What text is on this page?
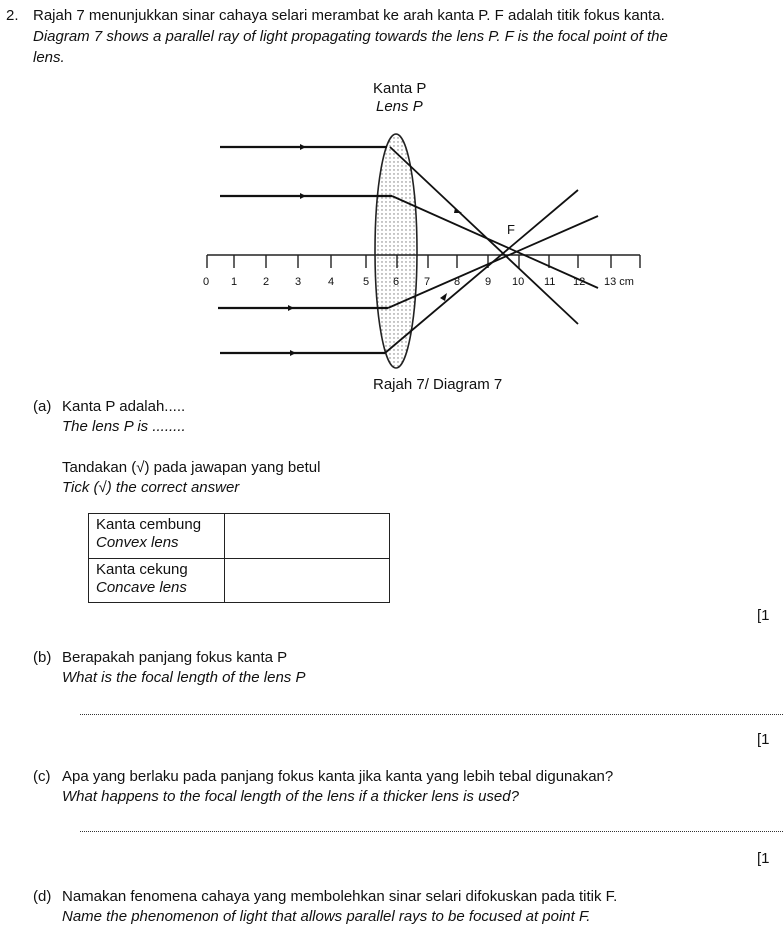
2. Rajah 7 menunjukkan sinar cahaya selari merambat ke arah kanta P. F adalah titik fokus kanta.
Diagram 7 shows a parallel ray of light propagating towards the lens P. F is the focal point of the
lens.
Kanta P
Lens P
F
0 1 2 3 4	5 6 7 8 9 10 11 12 13 cm
Rajah 7/ Diagram 7
(a) Kanta P adalah.....
The lens P is ........
Tandakan (√) pada jawapan yang betul
Tick (√) the correct answer
Kanta cembung
Convex lens	

Kanta cekung
Concave lens	

[1
(b) Berapakah panjang fokus kanta P
What is the focal length of the lens P
[1
(c) Apa yang berlaku pada panjang fokus kanta jika kanta yang lebih tebal digunakan?
What happens to the focal length of the lens if a thicker lens is used?
[1
(d) Namakan fenomena cahaya yang membolehkan sinar selari difokuskan pada titik F.
Name the phenomenon of light that allows parallel rays to be focused at point F.
